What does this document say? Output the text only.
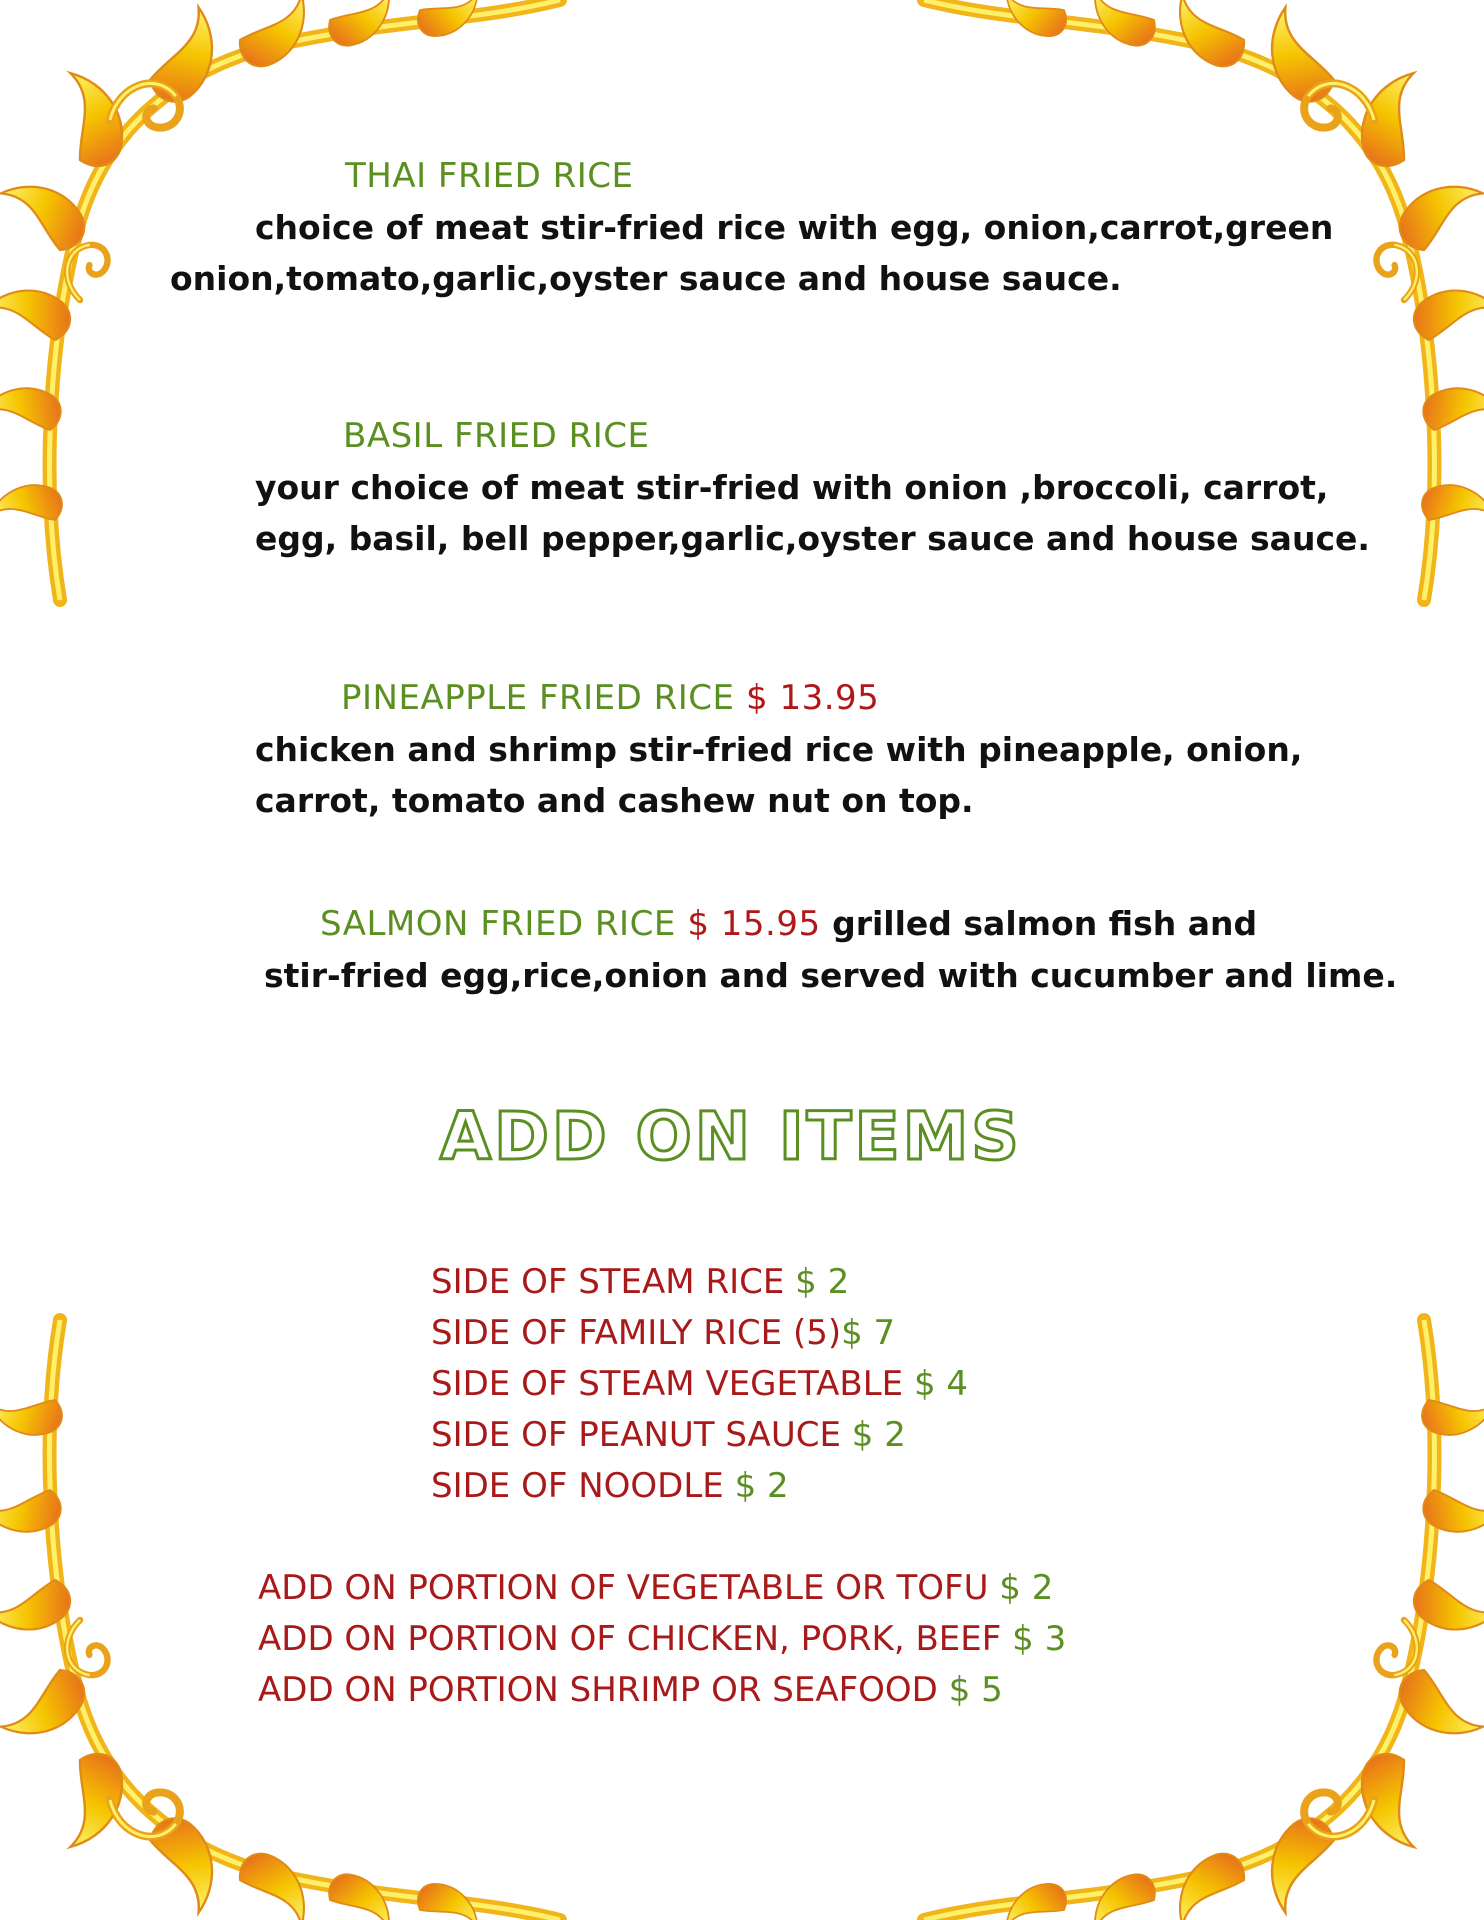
THAI FRIED RICE
choice of meat stir-fried rice with egg, onion,carrot,green
onion,tomato,garlic,oyster sauce and house sauce.
BASIL FRIED RICE
your choice of meat stir-fried with onion ,broccoli, carrot,
egg, basil, bell pepper,garlic,oyster sauce and house sauce.
PINEAPPLE FRIED RICE $ 13.95
chicken and shrimp stir-fried rice with pineapple, onion,
carrot, tomato and cashew nut on top.
SALMON FRIED RICE $ 15.95 grilled salmon fish and
stir-fried egg,rice,onion and served with cucumber and lime.
ADD ON ITEMS
SIDE OF STEAM RICE $ 2
SIDE OF FAMILY RICE (5)$ 7
SIDE OF STEAM VEGETABLE $ 4
SIDE OF PEANUT SAUCE $ 2
SIDE OF NOODLE $ 2
ADD ON PORTION OF VEGETABLE OR TOFU $ 2
ADD ON PORTION OF CHICKEN, PORK, BEEF $ 3
ADD ON PORTION SHRIMP OR SEAFOOD $ 5
